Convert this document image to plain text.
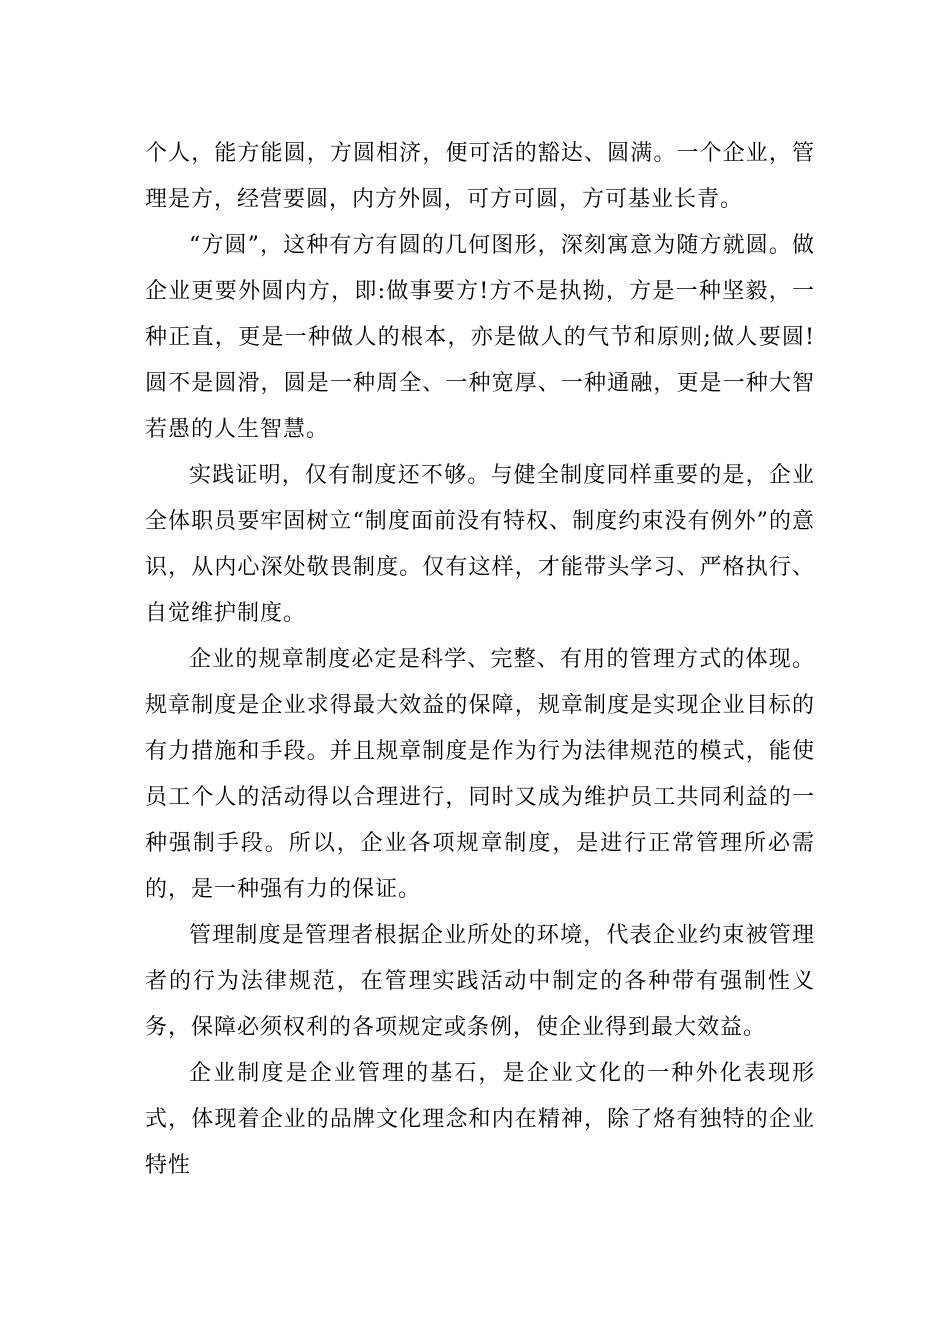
个人，能方能圆，方圆相济，便可活的豁达、圆满。一个企业，管理是方，经营要圆，内方外圆，可方可圆，方可基业长青。

“方圆”，这种有方有圆的几何图形，深刻寓意为随方就圆。做企业更要外圆内方，即:做事要方!方不是执拗，方是一种坚毅，一种正直，更是一种做人的根本，亦是做人的气节和原则;做人要圆!圆不是圆滑，圆是一种周全、一种宽厚、一种通融，更是一种大智若愚的人生智慧。

实践证明，仅有制度还不够。与健全制度同样重要的是，企业全体职员要牢固树立“制度面前没有特权、制度约束没有例外”的意识，从内心深处敬畏制度。仅有这样，才能带头学习、严格执行、自觉维护制度。

企业的规章制度必定是科学、完整、有用的管理方式的体现。规章制度是企业求得最大效益的保障，规章制度是实现企业目标的有力措施和手段。并且规章制度是作为行为法律规范的模式，能使员工个人的活动得以合理进行，同时又成为维护员工共同利益的一种强制手段。所以，企业各项规章制度，是进行正常管理所必需的，是一种强有力的保证。

管理制度是管理者根据企业所处的环境，代表企业约束被管理者的行为法律规范，在管理实践活动中制定的各种带有强制性义务，保障必须权利的各项规定或条例，使企业得到最大效益。

企业制度是企业管理的基石，是企业文化的一种外化表现形式，体现着企业的品牌文化理念和内在精神，除了烙有独特的企业特性
